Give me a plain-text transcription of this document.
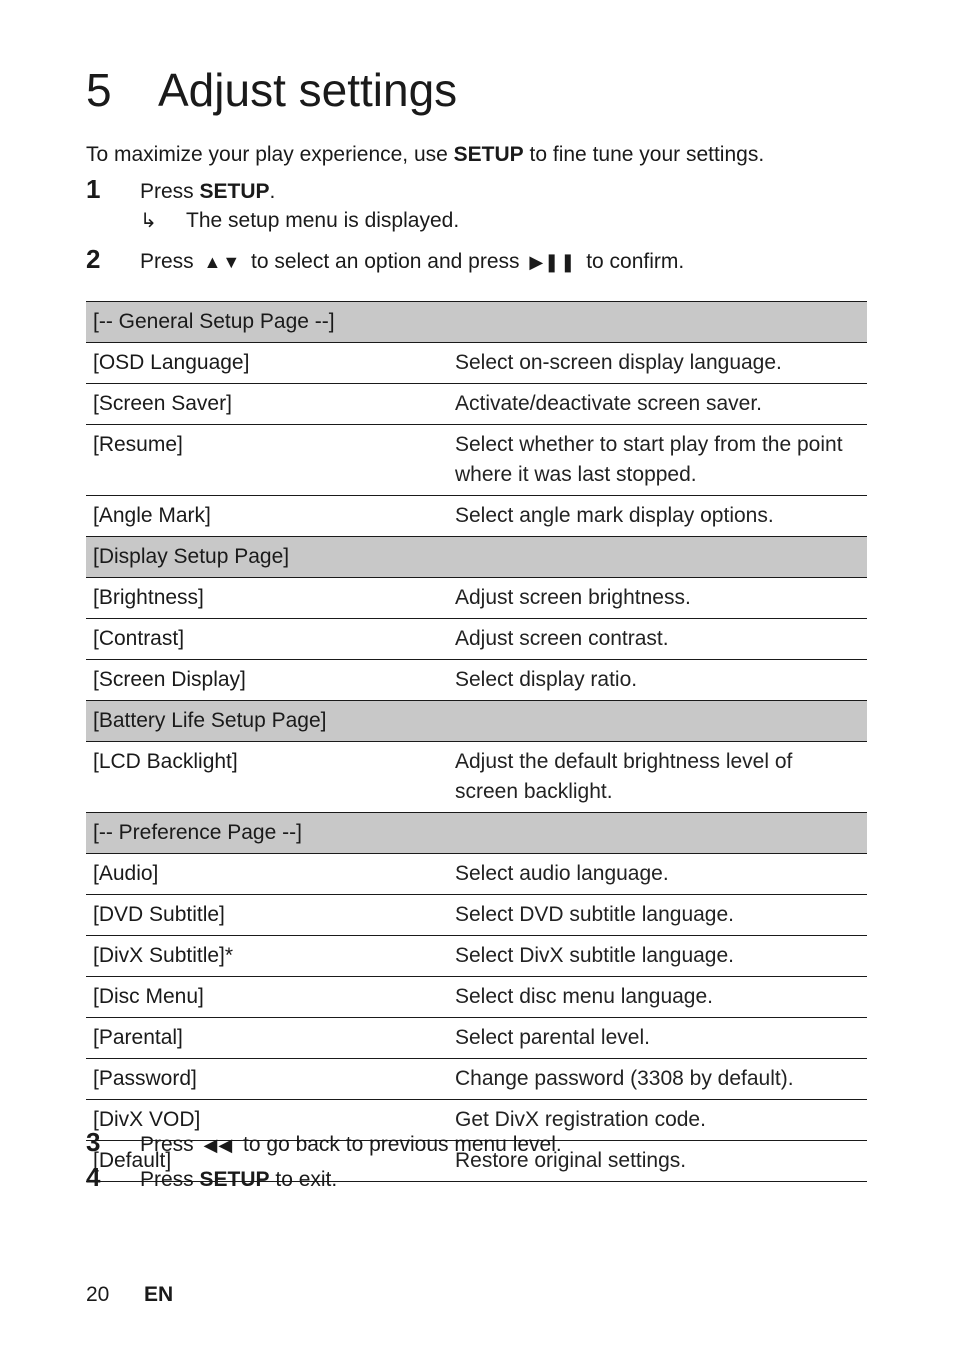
5	Adjust settings
To maximize your play experience, use SETUP to fine tune your settings.
1	Press SETUP.
↳	The setup menu is displayed.
2	Press ▲▼ to select an option and press ▶❚❚ to confirm.
[-- General Setup Page --]	
[OSD Language]	Select on-screen display language.
[Screen Saver]	Activate/deactivate screen saver.
[Resume]	Select whether to start play from the point where it was last stopped.
[Angle Mark]	Select angle mark display options.
[Display Setup Page]	
[Brightness]	Adjust screen brightness.
[Contrast]	Adjust screen contrast.
[Screen Display]	Select display ratio.
[Battery Life Setup Page]	
[LCD Backlight]	Adjust the default brightness level of screen backlight.
[-- Preference Page --]	
[Audio]	Select audio language.
[DVD Subtitle]	Select DVD subtitle language.
[DivX Subtitle]*	Select DivX subtitle language.
[Disc Menu]	Select disc menu language.
[Parental]	Select parental level.
[Password]	Change password (3308 by default).
[DivX VOD]	Get DivX registration code.
[Default]	Restore original settings.
3	Press ◀◀ to go back to previous menu level.
4	Press SETUP to exit.
20	EN
